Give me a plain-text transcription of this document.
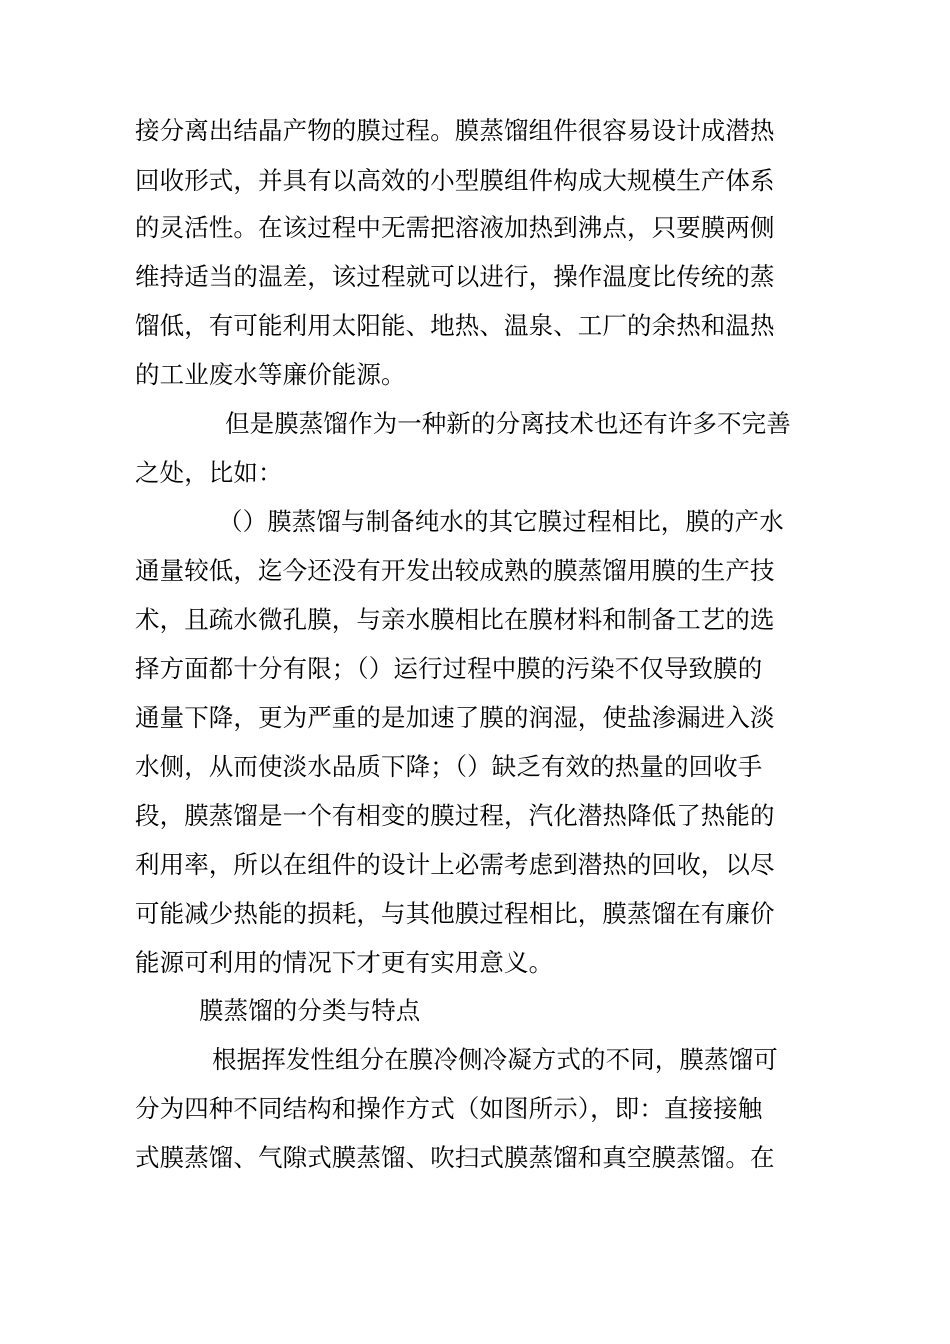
接分离出结晶产物的膜过程。膜蒸馏组件很容易设计成潜热
回收形式，并具有以高效的小型膜组件构成大规模生产体系
的灵活性。在该过程中无需把溶液加热到沸点，只要膜两侧
维持适当的温差，该过程就可以进行，操作温度比传统的蒸
馏低，有可能利用太阳能、地热、温泉、工厂的余热和温热
的工业废水等廉价能源。
但是膜蒸馏作为一种新的分离技术也还有许多不完善
之处，比如：
（）膜蒸馏与制备纯水的其它膜过程相比，膜的产水
通量较低，迄今还没有开发出较成熟的膜蒸馏用膜的生产技
术，且疏水微孔膜，与亲水膜相比在膜材料和制备工艺的选
择方面都十分有限；（）运行过程中膜的污染不仅导致膜的
通量下降，更为严重的是加速了膜的润湿，使盐渗漏进入淡
水侧，从而使淡水品质下降；（）缺乏有效的热量的回收手
段，膜蒸馏是一个有相变的膜过程，汽化潜热降低了热能的
利用率，所以在组件的设计上必需考虑到潜热的回收，以尽
可能减少热能的损耗，与其他膜过程相比，膜蒸馏在有廉价
能源可利用的情况下才更有实用意义。
膜蒸馏的分类与特点
根据挥发性组分在膜冷侧冷凝方式的不同，膜蒸馏可
分为四种不同结构和操作方式（如图所示），即：直接接触
式膜蒸馏、气隙式膜蒸馏、吹扫式膜蒸馏和真空膜蒸馏。在
